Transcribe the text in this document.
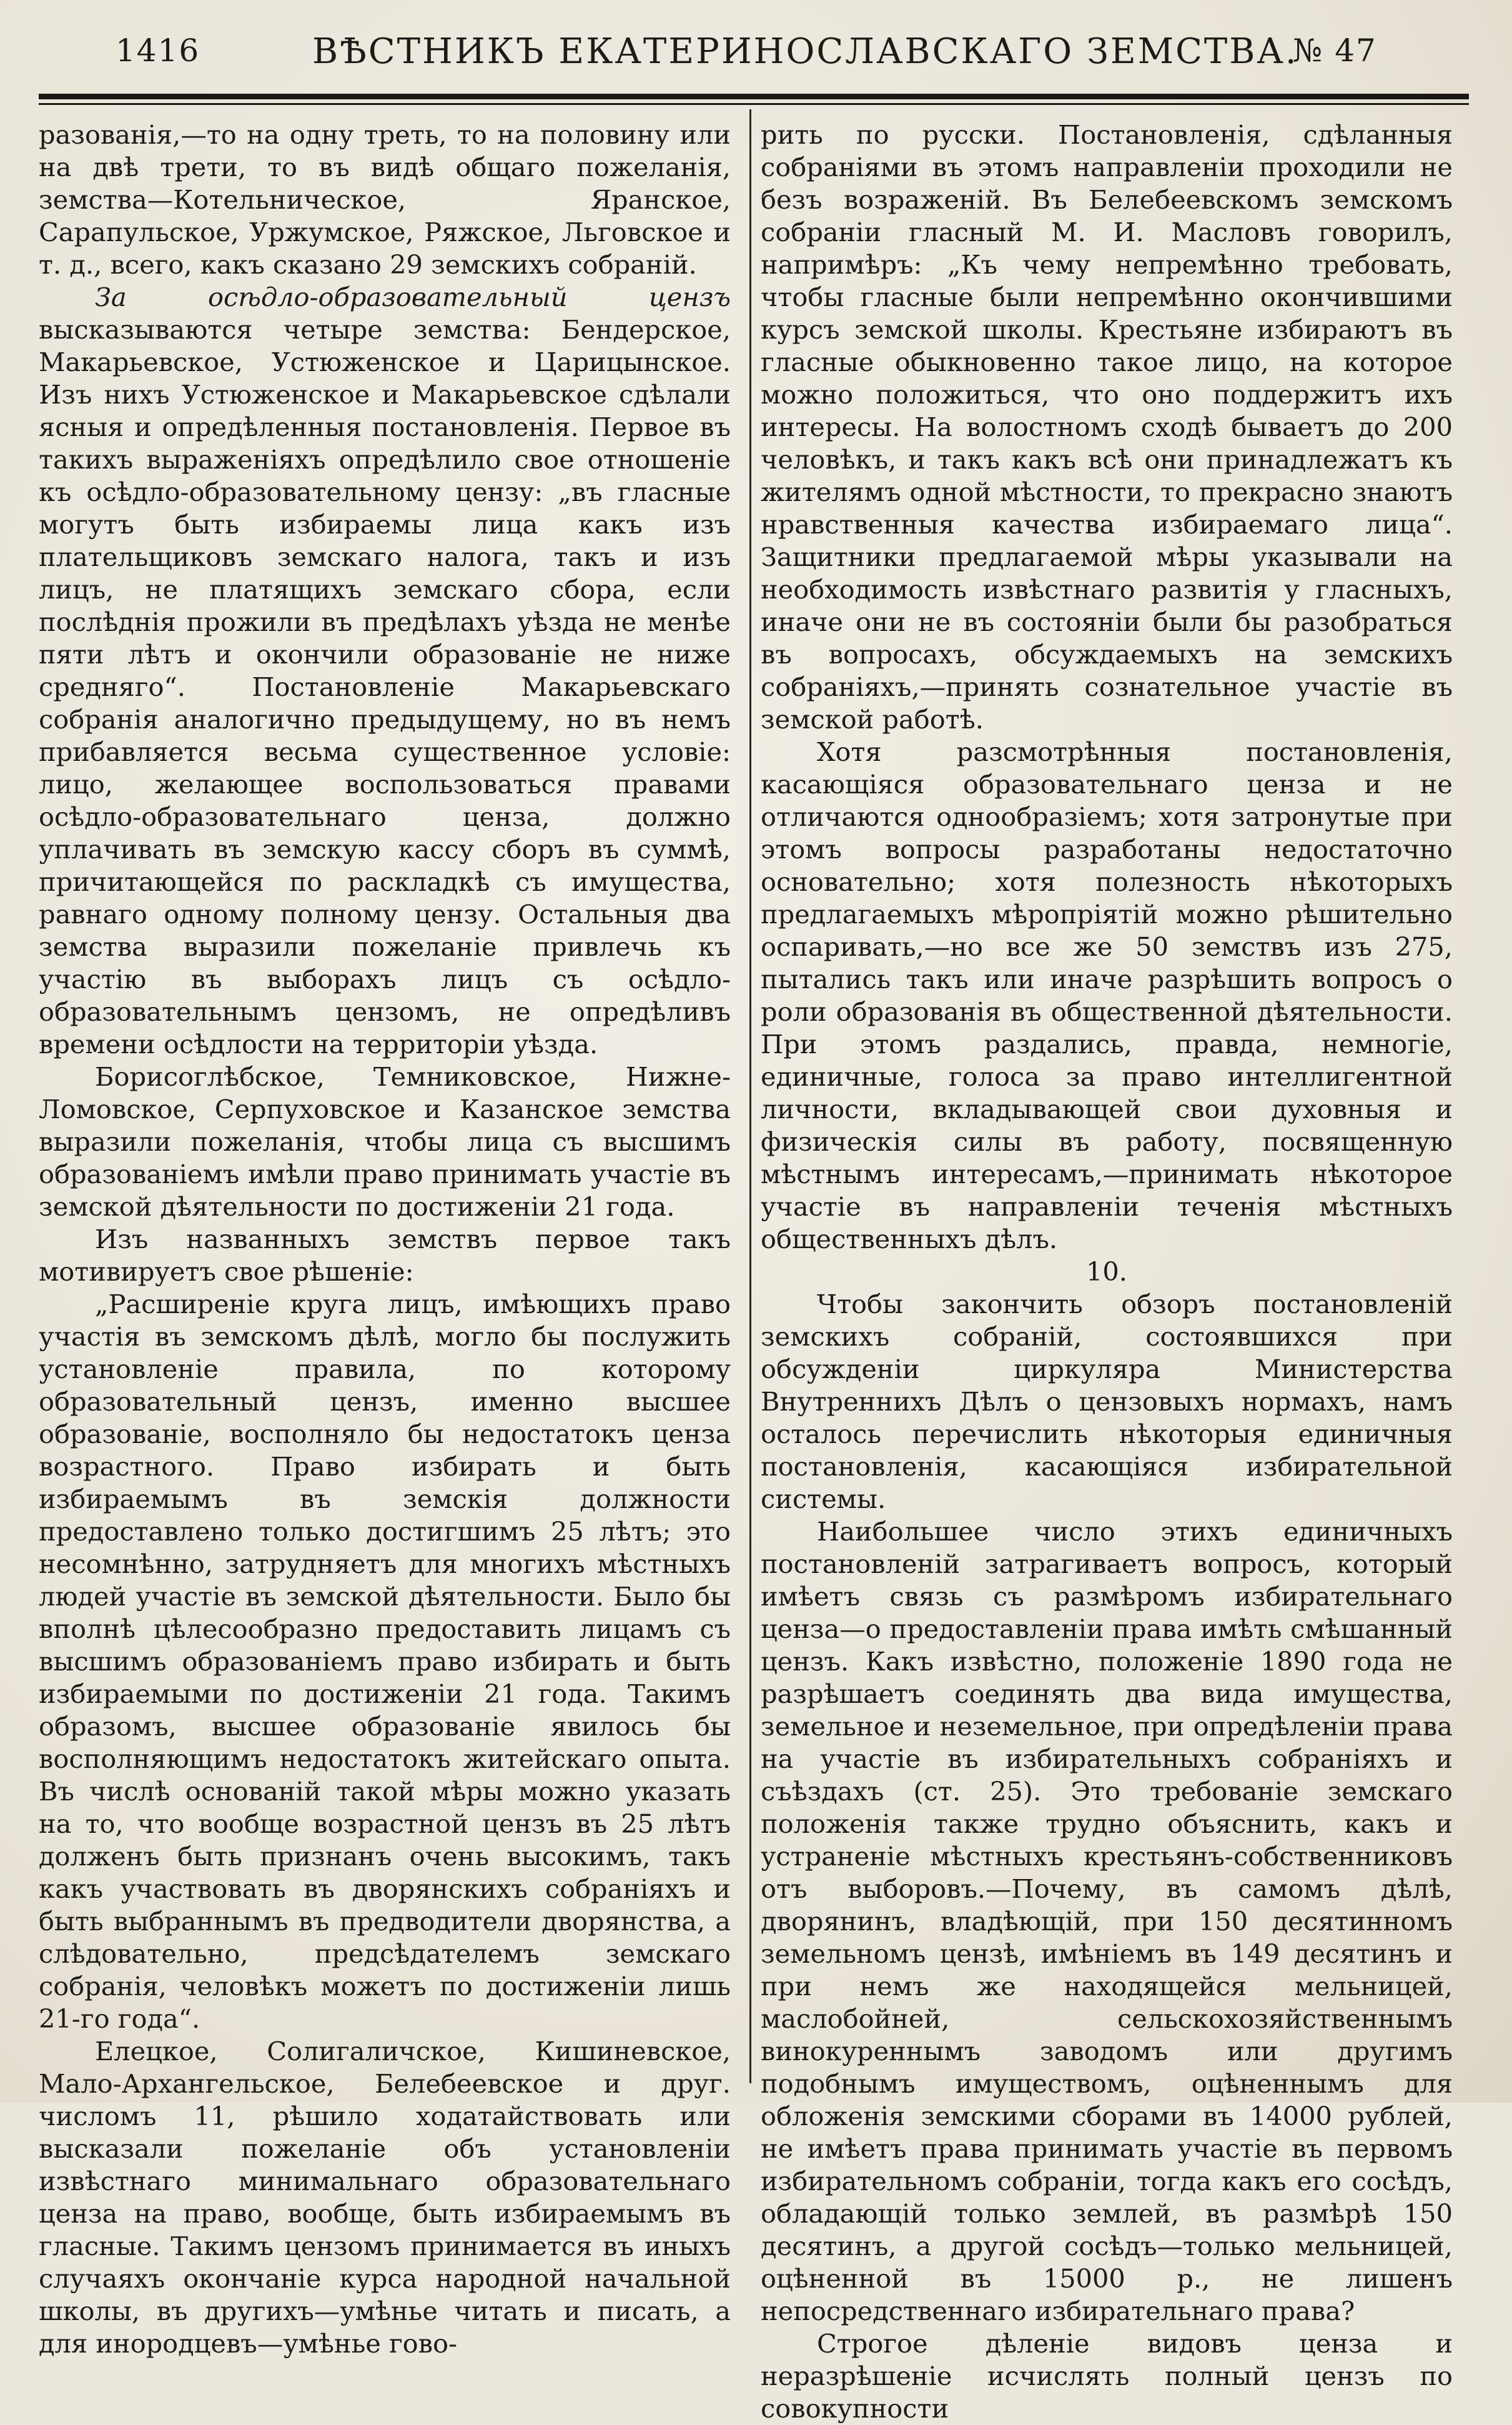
1416	ВѢСТНИКЪ ЕКАТЕРИНОСЛАВСКАГО ЗЕМСТВА.
№ 47

разованія,—то на одну треть, то на половину или на двѣ трети, то въ видѣ общаго пожеланія, земства—Котельническое, Яранское, Сарапульское, Уржумское, Ряжское, Льговское и т. д., всего, какъ сказано 29 земскихъ собраній.

За осѣдло-образовательный цензъ высказываются четыре земства: Бендерское, Макарьевское, Устюженское и Царицынское. Изъ нихъ Устюженское и Макарьевское сдѣлали ясныя и опредѣленныя постановленія. Первое въ такихъ выраженіяхъ опредѣлило свое отношеніе къ осѣдло-образовательному цензу: „въ гласные могутъ быть избираемы лица какъ изъ плательщиковъ земскаго налога, такъ и изъ лицъ, не платящихъ земскаго сбора, если послѣднія прожили въ предѣлахъ уѣзда не менѣе пяти лѣтъ и окончили образованіе не ниже средняго“. Постановленіе Макарьевскаго собранія аналогично предыдущему, но въ немъ прибавляется весьма существенное условіе: лицо, желающее воспользоваться правами осѣдло-образовательнаго ценза, должно уплачивать въ земскую кассу сборъ въ суммѣ, причитающейся по раскладкѣ съ имущества, равнаго одному полному цензу. Остальныя два земства выразили пожеланіе привлечь къ участію въ выборахъ лицъ съ осѣдло-образовательнымъ цензомъ, не опредѣливъ времени осѣдлости на территоріи уѣзда.

Борисоглѣбское, Темниковское, Нижне-Ломовское, Серпуховское и Казанское земства выразили пожеланія, чтобы лица съ высшимъ образованіемъ имѣли право принимать участіе въ земской дѣятельности по достиженіи 21 года.

Изъ названныхъ земствъ первое такъ мотивируетъ свое рѣшеніе:

„Расширеніе круга лицъ, имѣющихъ право участія въ земскомъ дѣлѣ, могло бы послужить установленіе правила, по которому образовательный цензъ, именно высшее образованіе, восполняло бы недостатокъ ценза возрастного. Право избирать и быть избираемымъ въ земскія должности предоставлено только достигшимъ 25 лѣтъ; это несомнѣнно, затрудняетъ для многихъ мѣстныхъ людей участіе въ земской дѣятельности. Было бы вполнѣ цѣлесообразно предоставить лицамъ съ высшимъ образованіемъ право избирать и быть избираемыми по достиженіи 21 года. Такимъ образомъ, высшее образованіе явилось бы восполняющимъ недостатокъ житейскаго опыта. Въ числѣ основаній такой мѣры можно указать на то, что вообще возрастной цензъ въ 25 лѣтъ долженъ быть признанъ очень высокимъ, такъ какъ участвовать въ дворянскихъ собраніяхъ и быть выбраннымъ въ предводители дворянства, а слѣдовательно, предсѣдателемъ земскаго собранія, человѣкъ можетъ по достиженіи лишь 21-го года“.

Елецкое, Солигаличское, Кишиневское, Мало-Архангельское, Белебеевское и друг. числомъ 11, рѣшило ходатайствовать или высказали пожеланіе объ установленіи извѣстнаго минимальнаго образовательнаго ценза на право, вообще, быть избираемымъ въ гласные. Такимъ цензомъ принимается въ иныхъ случаяхъ окончаніе курса народной начальной школы, въ другихъ—умѣнье читать и писать, а для инородцевъ—умѣнье гово-

рить по русски. Постановленія, сдѣланныя собраніями въ этомъ направленіи проходили не безъ возраженій. Въ Белебеевскомъ земскомъ собраніи гласный М. И. Масловъ говорилъ, напримѣръ: „Къ чему непремѣнно требовать, чтобы гласные были непремѣнно окончившими курсъ земской школы. Крестьяне избираютъ въ гласные обыкновенно такое лицо, на которое можно положиться, что оно поддержитъ ихъ интересы. На волостномъ сходѣ бываетъ до 200 человѣкъ, и такъ какъ всѣ они принадлежатъ къ жителямъ одной мѣстности, то прекрасно знаютъ нравственныя качества избираемаго лица“. Защитники предлагаемой мѣры указывали на необходимость извѣстнаго развитія у гласныхъ, иначе они не въ состояніи были бы разобраться въ вопросахъ, обсуждаемыхъ на земскихъ собраніяхъ,—принять сознательное участіе въ земской работѣ.

Хотя разсмотрѣнныя постановленія, касающіяся образовательнаго ценза и не отличаются однообразіемъ; хотя затронутые при этомъ вопросы разработаны недостаточно основательно; хотя полезность нѣкоторыхъ предлагаемыхъ мѣропріятій можно рѣшительно оспаривать,—но все же 50 земствъ изъ 275, пытались такъ или иначе разрѣшить вопросъ о роли образованія въ общественной дѣятельности. При этомъ раздались, правда, немногіе, единичные, голоса за право интеллигентной личности, вкладывающей свои духовныя и физическія силы въ работу, посвященную мѣстнымъ интересамъ,—принимать нѣкоторое участіе въ направленіи теченія мѣстныхъ общественныхъ дѣлъ.

10.

Чтобы закончить обзоръ постановленій земскихъ собраній, состоявшихся при обсужденіи циркуляра Министерства Внутреннихъ Дѣлъ о цензовыхъ нормахъ, намъ осталось перечислить нѣкоторыя единичныя постановленія, касающіяся избирательной системы.

Наибольшее число этихъ единичныхъ постановленій затрагиваетъ вопросъ, который имѣетъ связь съ размѣромъ избирательнаго ценза—о предоставленіи права имѣть смѣшанный цензъ. Какъ извѣстно, положеніе 1890 года не разрѣшаетъ соединять два вида имущества, земельное и неземельное, при опредѣленіи права на участіе въ избирательныхъ собраніяхъ и съѣздахъ (ст. 25). Это требованіе земскаго положенія также трудно объяснить, какъ и устраненіе мѣстныхъ крестьянъ-собственниковъ отъ выборовъ.—Почему, въ самомъ дѣлѣ, дворянинъ, владѣющій, при 150 десятинномъ земельномъ цензѣ, имѣніемъ въ 149 десятинъ и при немъ же находящейся мельницей, маслобойней, сельскохозяйственнымъ винокуреннымъ заводомъ или другимъ подобнымъ имуществомъ, оцѣненнымъ для обложенія земскими сборами въ 14000 рублей, не имѣетъ права принимать участіе въ первомъ избирательномъ собраніи, тогда какъ его сосѣдъ, обладающій только землей, въ размѣрѣ 150 десятинъ, а другой сосѣдъ—только мельницей, оцѣненной въ 15000 р., не лишенъ непосредственнаго избирательнаго права?

Строгое дѣленіе видовъ ценза и неразрѣшеніе исчислять полный цензъ по совокупности
